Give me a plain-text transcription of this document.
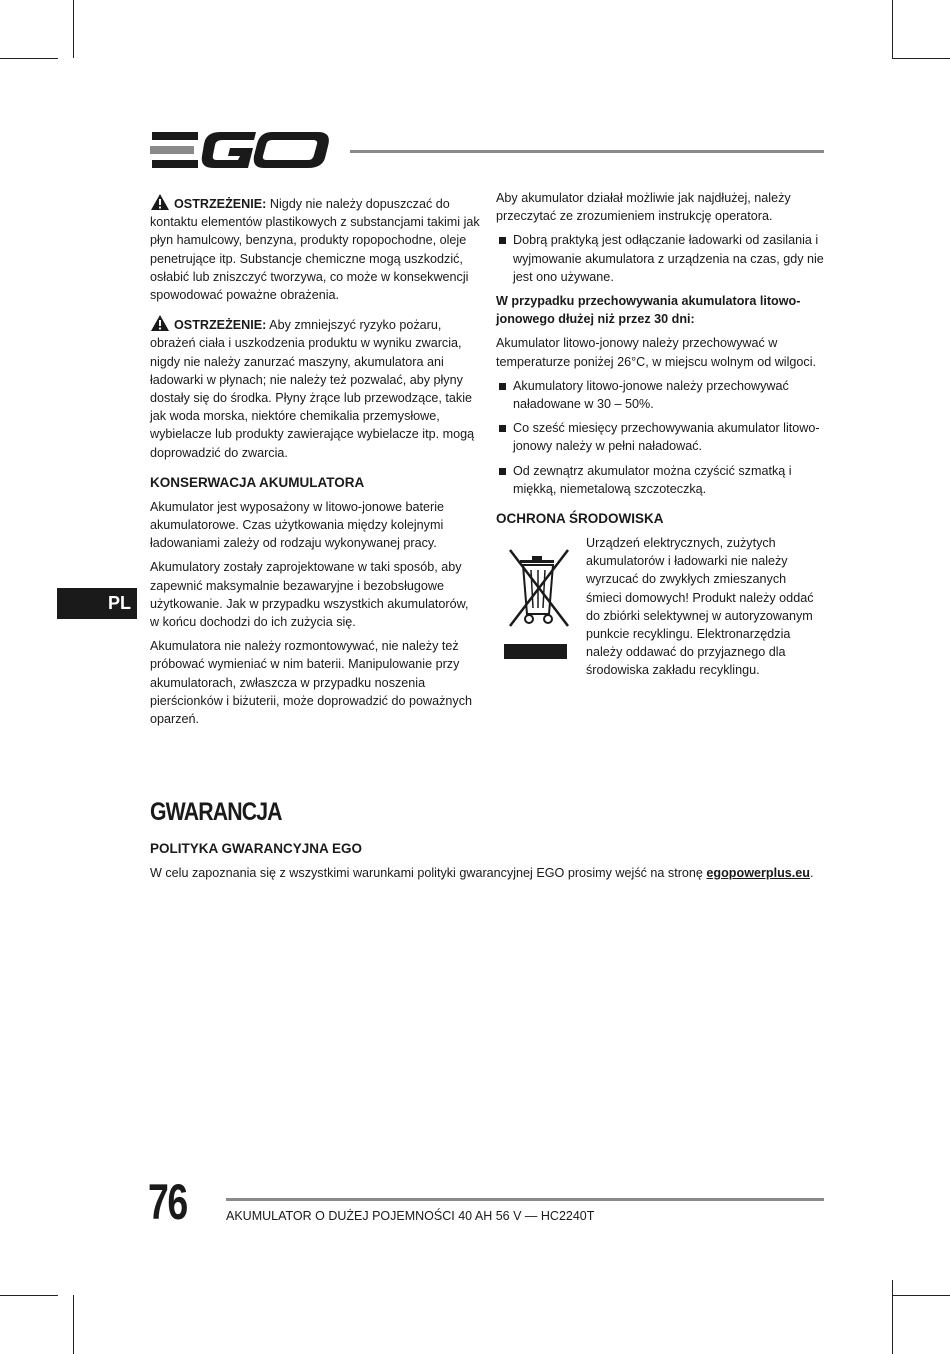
PL

OSTRZEŻENIE: Nigdy nie należy dopuszczać do kontaktu elementów plastikowych z substancjami takimi jak płyn hamulcowy, benzyna, produkty ropopochodne, oleje penetrujące itp. Substancje chemiczne mogą uszkodzić, osłabić lub zniszczyć tworzywa, co może w konsekwencji spowodować poważne obrażenia.

OSTRZEŻENIE: Aby zmniejszyć ryzyko pożaru, obrażeń ciała i uszkodzenia produktu w wyniku zwarcia, nigdy nie należy zanurzać maszyny, akumulatora ani ładowarki w płynach; nie należy też pozwalać, aby płyny dostały się do środka. Płyny żrące lub przewodzące, takie jak woda morska, niektóre chemikalia przemysłowe, wybielacze lub produkty zawierające wybielacze itp. mogą doprowadzić do zwarcia.

KONSERWACJA AKUMULATORA

Akumulator jest wyposażony w litowo-jonowe baterie akumulatorowe. Czas użytkowania między kolejnymi ładowaniami zależy od rodzaju wykonywanej pracy.

Akumulatory zostały zaprojektowane w taki sposób, aby zapewnić maksymalnie bezawaryjne i bezobsługowe użytkowanie. Jak w przypadku wszystkich akumulatorów, w końcu dochodzi do ich zużycia się.

Akumulatora nie należy rozmontowywać, nie należy też próbować wymieniać w nim baterii. Manipulowanie przy akumulatorach, zwłaszcza w przypadku noszenia pierścionków i biżuterii, może doprowadzić do poważnych oparzeń.

Aby akumulator działał możliwie jak najdłużej, należy przeczytać ze zrozumieniem instrukcję operatora.

Dobrą praktyką jest odłączanie ładowarki od zasilania i wyjmowanie akumulatora z urządzenia na czas, gdy nie jest ono używane.

W przypadku przechowywania akumulatora litowo-jonowego dłużej niż przez 30 dni:

Akumulator litowo-jonowy należy przechowywać w temperaturze poniżej 26°C, w miejscu wolnym od wilgoci.

Akumulatory litowo-jonowe należy przechowywać naładowane w 30 – 50%.
Co sześć miesięcy przechowywania akumulator litowo-jonowy należy w pełni naładować.
Od zewnątrz akumulator można czyścić szmatką i miękką, niemetalową szczoteczką.
OCHRONA ŚRODOWISKA
Urządzeń elektrycznych, zużytych akumulatorów i ładowarki nie należy wyrzucać do zwykłych zmieszanych śmieci domowych! Produkt należy oddać do zbiórki selektywnej w autoryzowanym punkcie recyklingu. Elektronarzędzia należy oddawać do przyjaznego dla środowiska zakładu recyklingu.
GWARANCJA
POLITYKA GWARANCYJNA EGO
W celu zapoznania się z wszystkimi warunkami polityki gwarancyjnej EGO prosimy wejść na stronę egopowerplus.eu.
76	AKUMULATOR O DUŻEJ POJEMNOŚCI 40 AH 56 V — HC2240T
